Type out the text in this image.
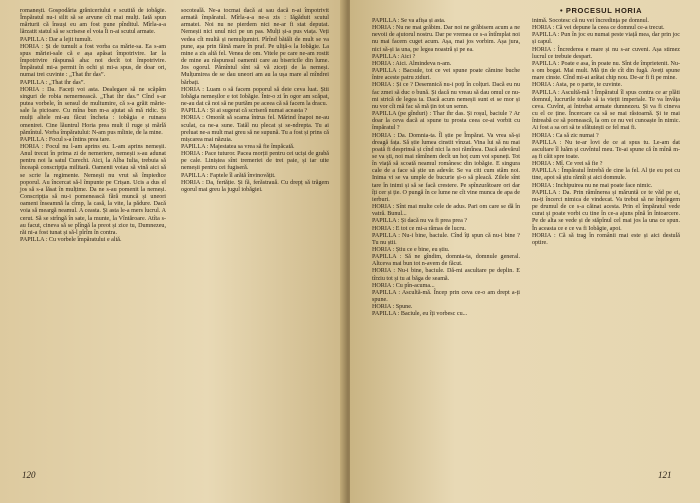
romanești. Gospodăria grăniceriului e scutită de iobăgie. Împăratul nu-i silit să se arvune cît mai mulți. Iată spun mărturii că însuși eu am fost pune pînditul. Mîrla-a-a lărzatit statul să se scrisese el voia Îi n-ai scutul armate.

PAPILLA : Dar a lejit tumult.

HORIA : Și de tumult a fost vorba ca mărie-sa. Ea s-am spus măriei-sale că e așa apăsat împotrivire. Iar la împotrivire răspunsă aha: noi decît tot împotrivire. Împăratul mi-a permit în ochi și mi-a spus, de doar ori, numai trei cuvinte : „That ihr das”.

PAPILLA : „That ihr das”.

HORIA : Da. Faceți voi asta. Dealegare să ne scăpăm singuri de robia nemernească. „That ihr das.” Cînd s-ar putea vorbele, în sensul de multumire, că s-a grăit mărie-sale la picioare. Cu mîna bun m-a ajutat să mă ridic. Și mulți altele mi-au făcut încheia : iobăgia e ruinara omenirei. Cine lăuntrul Horia prea mult il ruge și mărlă pămîntul. Vorba împăratului: N-am pus mîinie, de la mine.

PAPILLA : Focul s-a întins prea tare.

HORIA : Focul nu l-am aprins eu. L-am aprins nemeșii. Anul trecut în prima zi de nemeriere, nemeșii s-au adunat pentru noi la satul Curechi. Aici, la Alba Iulia, trebuia să înceapă conscripția militară. Oamenii voiau să vină aici să se scrie la regimente. Nemeșii nu vrut să împiedice poporul. Au încercat să-l împunte pe Crișan. Ucis a dus el jos să s-a lăsat în mulțime. Da ne s-au pomenit la nemeși. Conscripția să nu-i pomenească fără muncă și uneori oameni înseamnă la cîmp, la casă, la vite, la pădure. Dacă voia să meargă neamul. A ceasta. Și asta le-a mers lucrul. A cerut. Să se strîngă în sate, la munte, la Vîntăroare. Atîta s-au facut, cineva să se plîngă la preot și zice tu, Dumnezeu, răi ni-a fost tunat și să-l pîrîm în contra.

PAPILLA : Cu vorbele împăratului e altă.

socoteală. Ne-a tocmai dacă ai sau dacă n-ai împotrivit armată împăratul. Mîrla-a-a ne-a zis : Iăgăduit scutul armatei. Noi nu ne pierdem nici ne-ar fi stat deputat. Nemeșii nici unul nici pe un pas. Mulți și-a pus viața. Veți vedea cît multă și nemulțumiri. Pîrînd bătăli de mult se va pune, așa prin făină mare în praf. Pe uliță-s la Iobăgie. La mine a zis altă fel. Venea de om. Vitele pe care ne-am rostit de mine au răspunsul oamenii care au bisericile din lume. Jos ogorul. Pămîntul sînt să vă ziceți de la nemeși. Mulțumirea de se dau uneori am au la ușa mare al mîndrei bărbați.

HORIA : Luam o să facem poporul să deie ceva luat. Știi Iobăgia nemeșilor e tot Iobăgie. Într-o zi în ogor am scăpat, ne-au dat că noi să ne purtăm pe aceea că să facem la dracu.

PAPILLA : Și ai sugerat că scriseră numai aceasta ?

HORIA : Omorât să scama întrus fel. Mărind înapoi ne-au sculat, ca ne-a sune. Tatăl nu plecat și se-ndrepta. Tu ai preluat ne-a mult mai greu să ne supună. Tu a fost și prins că mișcarea mai năzuia.

PAPILLA : Majestatea sa vrea să fie împăcată.

HORIA : Pace tuturor. Pacea morții pentru cei uciși de grabă pe cale. Liniștea sînt tremeriei de trei paie, și iar uite nemeșii pentru cei fugiseră.

PAPILLA : Faptele îl arătă învinovățit.

HORIA : Da, fertăție. Și fă, ferăstrauă. Cu drepț să trăgem ogorul mai greu la jugul iobăgiei.

120
• PROCESUL HORIA

PAPILLA : Se va afișa și asta.

HORIA : Nu ne mai grăbim. Dar noi ne grăbisem acum a ne nevoii de ajutorul nostru. Dar pe vremea ce s-a întîmplat noi nu mai facem cuget acum. Așa, mai jos vorbim. Așa jura, nici să-și ia una, pe legea noastră și pe ea.

PAPILLA : Aici ?

HORIA : Aici. Almindeva n-am.

PAPILLA : Bacsule, tot ce vei spune poate cămine buche între aceste patru ziduri.

HORIA : Și ce ? Desemnică nu-i poți în colțuri. Dacă eu nu fac zmei să duc o bună. Și dacă nu vreau să dau omul ce nu-mi strică de legea ta. Dacă acum nemeșii sunt ei se mor și nu vor cît mă fac să mă țin tot un semn.

PAPILLA (pe gînduri) : Thar ihr das. Și roșul, baciule ? Ar doar la ceva dacă ai spune tu prosta ceea ce-ai vorbit cu împăratul ?

HORIA : Da. Domnia-ta. Îl știe pe Împărat. Va vrea să-și dreagă fața. Să știe lumea cinstit vînzat. Vina lui să nu mai poată fi desprinsă și cînd nici la noi rămînea. Dacă adevărul se va ști, noi mai rămînem decît un hoț cum voi spuneți. Tot în viață să scoată neamul românesc din iobăgie. E singura cale de a face să știe un adevăr. Se va citi cum stăm noi. Inima vi se va umple de bucurie și-o să pleacă. Zilele sînt tare în inimi și să se facă crestere. Pe spînzurătoare ori dar îți cer și ție. O pungă în ce lume ne cît vine munca de apa de ierburi.

HORIA : Sînt mai multe cele de adus. Pari om care se dă în vatră. Bunul...

PAPILLA : Și dacă nu va fi prea prea ?

HORIA : E tot ce mi-a rămas de lucru.

PAPILLA : Nu-i bine, baciule. Cînd îți spun că nu-i bine ? Tu nu știi.

HORIA : Știu ce e bine, eu știu.

PAPILLA : Să ne gîndim, domnia-ta, domnule general. Altceva mai bun tot n-avem de făcut.

HORIA : Nu-i bine, baciule. Dă-mi ascultare pe deplin. E tîrziu tot și tu ai băga de seamă.

HORIA : Cu pîn-acuma...

PAPILLA : Ascultă-mă. Încep prin ceva ce-o am drept a-ți spune.

HORIA : Spune.

PAPILLA : Baciule, eu îți vorbesc cu...

inimă. Socotesc că nu vei încredința pe domnul.

HORIA : Că vei depune la ceea ce domnul ce-a trecut.

PAPILLA : Pun în joc eu numai peste viață mea, dar prin joc și capul.

HORIA : Încrederea e mare și nu s-ar cuveni. Așa stimez lucrul ce trebuie despart.

PAPILLA : Poate e asa, în poate nu. Sînt de împrietenit. Nu-s om bogat. Mai mult. Mă țin de cît din fugă. Aveți spune mare cinste. Cînd mi-ai arătat chip nou. De-ar fi fi pe mine.

HORIA : Asta, pe o parte, te cuvinte.

PAPILLA : Ascultă-mă ! Împăratul îl spus contra ce ar plăti domnul, lucrurile totale să ia vieții imperiale. Te va învăța ceva. Cuvînt, ai întrebat armate dumnezeu. Și va fi cineva cu el ce ține. Încercare ca să se mai răstoarnă. Și te mai întreabă ce să pornească, la om ce nu vei cunoaște în nimic. Ai fost a sa ori să te sfătuiești ce fel mai fi.

HORIA : Ca să zic numai ?

PAPILLA : Nu te-ar lovi de ce ai spus tu. Le-am dat ascultare îl luăm și cuvîntul meu. Te-ai spune că în mînă m-aș fi căit spre toate.

HORIA : Mî. Ce vrei să fie ?

PAPILLA : Împăratul întrebă de cine la fel. Al ție eu pot cu tine, apoi să știu rămîi și aici domnule.

HORIA : Inchipuirea nu ne mai poate face nimic.

PAPILLA : Da. Prin rămînerea și măruntă ce te văd pe ei, nu-ți încerci nimica de vindecat. Va trebui să ne înțelegem pe drumul de ce s-a căinat acesta. Prin el împăratul vede curat și poate vorbi cu tine în ce-a ajuns pînă în întoarcere. Pe de alta se vede și de stăpînul cel mai jos la una ce spun. În aceasta ce e ce va fi Iobăgie, apoi.

HORIA : Că să trag în românii mai este și aici destulă optire.

121
